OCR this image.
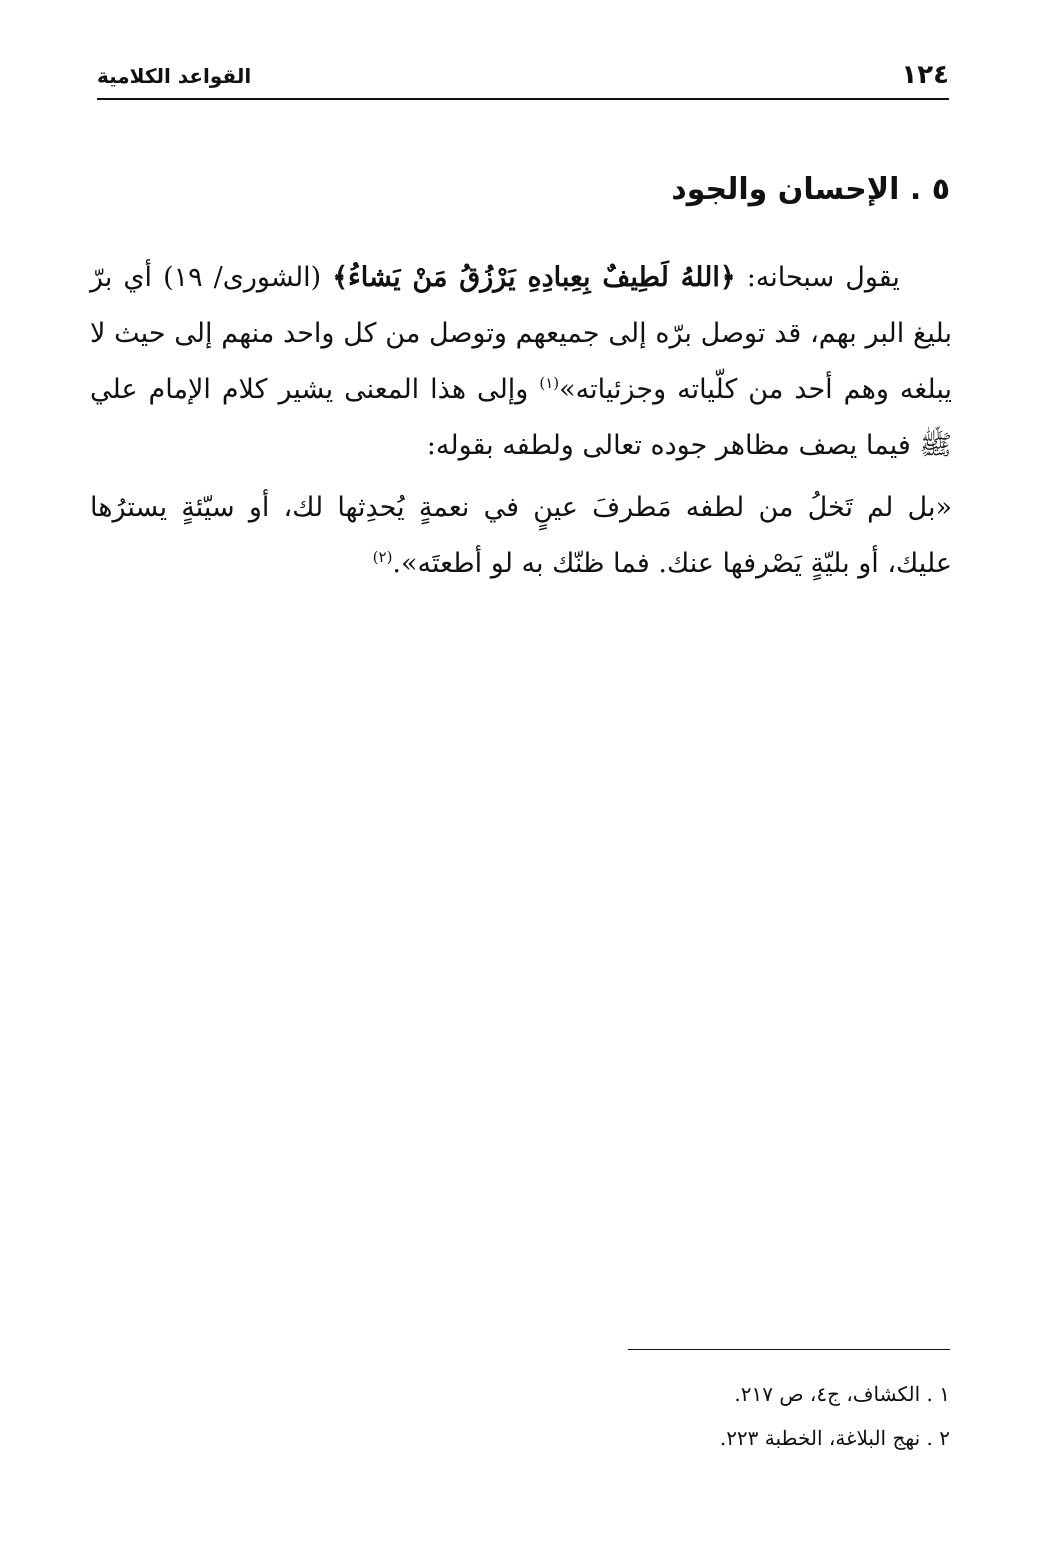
١٢٤
القواعد الكلامية
٥ . الإحسان والجود

يقول سبحانه: ﴿اللهُ لَطِيفٌ بِعِبادِهِ يَرْزُقُ مَنْ يَشاءُ﴾ (الشورى/ ١٩) أي برّ بليغ البر بهم، قد توصل برّه إلى جميعهم وتوصل من كل واحد منهم إلى حيث لا يبلغه وهم أحد من كلّياته وجزئياته»$^{(١)}$ وإلى هذا المعنى يشير كلام الإمام علي ﷺ فيما يصف مظاهر جوده تعالى ولطفه بقوله:

«بل لم تَخلُ من لطفه مَطرفَ عينٍ في نعمةٍ يُحدِثها لك، أو سيّئةٍ يسترُها عليك، أو بليّةٍ يَصْرفها عنك. فما ظنّك به لو أطعتَه».$^{(٢)}$

١ . الكشاف، ج٤، ص ٢١٧.
٢ . نهج البلاغة، الخطبة ٢٢٣.
